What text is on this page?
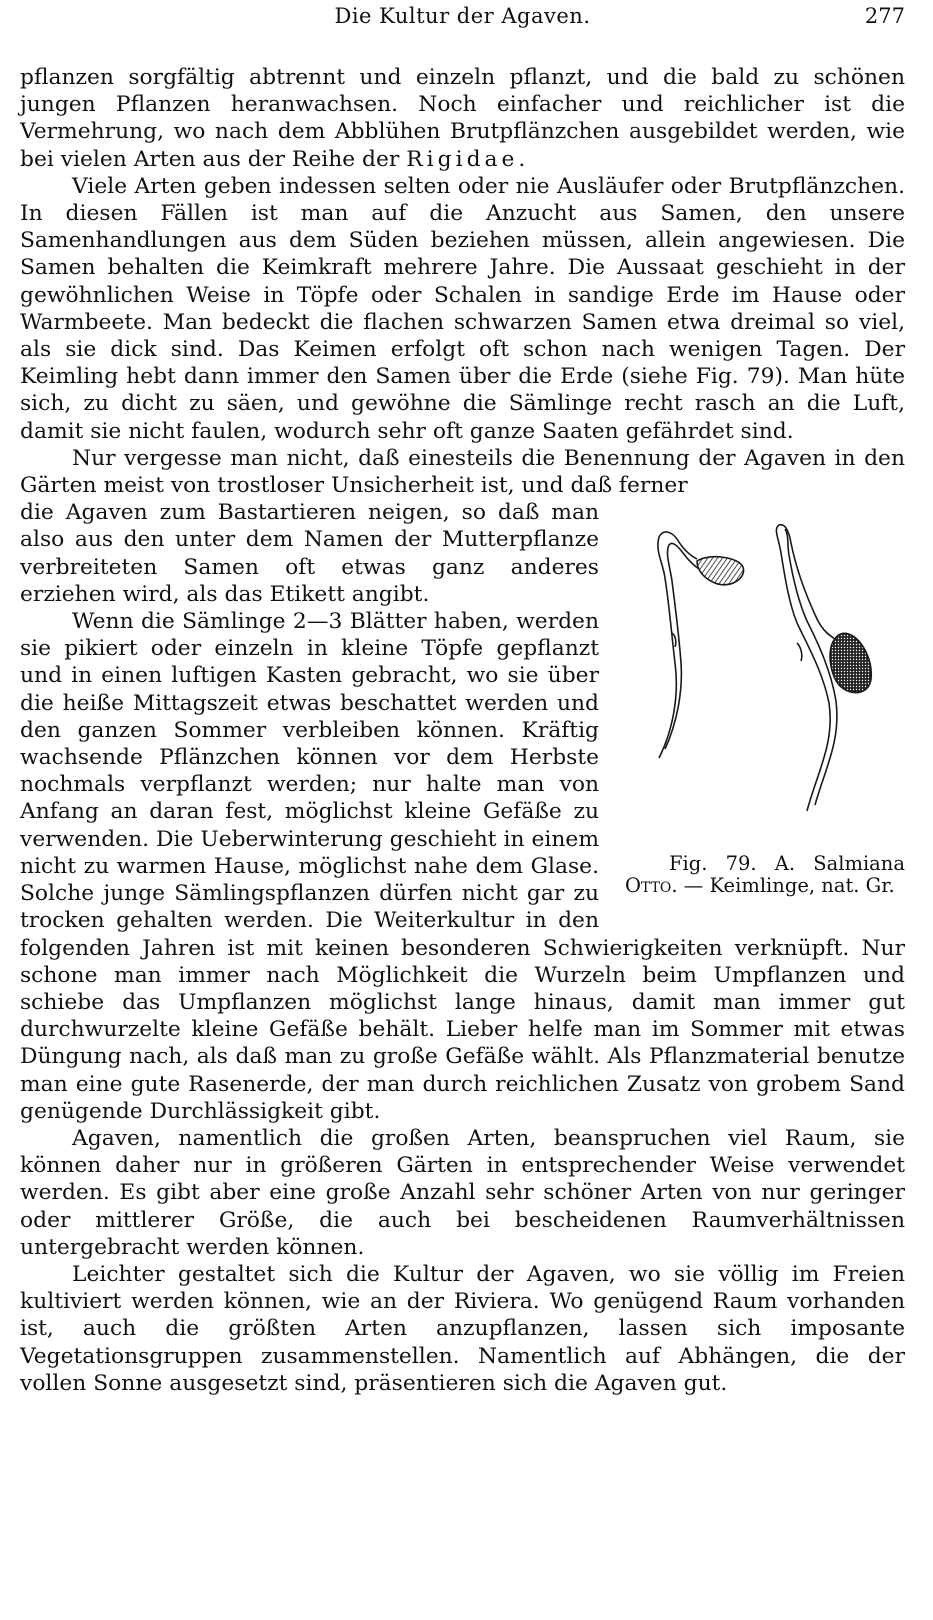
Die Kultur der Agaven.	277

pflanzen sorgfältig abtrennt und einzeln pflanzt, und die bald zu schönen jungen Pflanzen heranwachsen. Noch einfacher und reichlicher ist die Vermehrung, wo nach dem Abblühen Brutpflänzchen ausgebildet werden, wie bei vielen Arten aus der Reihe der Rigidae.

Viele Arten geben indessen selten oder nie Ausläufer oder Brutpflänzchen. In diesen Fällen ist man auf die Anzucht aus Samen, den unsere Samenhandlungen aus dem Süden beziehen müssen, allein angewiesen. Die Samen behalten die Keimkraft mehrere Jahre. Die Aussaat geschieht in der gewöhnlichen Weise in Töpfe oder Schalen in sandige Erde im Hause oder Warmbeete. Man bedeckt die flachen schwarzen Samen etwa dreimal so viel, als sie dick sind. Das Keimen erfolgt oft schon nach wenigen Tagen. Der Keimling hebt dann immer den Samen über die Erde (siehe Fig. 79). Man hüte sich, zu dicht zu säen, und gewöhne die Sämlinge recht rasch an die Luft, damit sie nicht faulen, wodurch sehr oft ganze Saaten gefährdet sind.

Nur vergesse man nicht, daß einesteils die Benennung der Agaven in den Gärten meist von trostloser Unsicherheit ist, und daß ferner

Fig. 79. A. Salmiana Otto. — Keimlinge, nat. Gr.

die Agaven zum Bastartieren neigen, so daß man also aus den unter dem Namen der Mutterpflanze verbreiteten Samen oft etwas ganz anderes erziehen wird, als das Etikett angibt.

Wenn die Sämlinge 2—3 Blätter haben, werden sie pikiert oder einzeln in kleine Töpfe gepflanzt und in einen luftigen Kasten gebracht, wo sie über die heiße Mittagszeit etwas beschattet werden und den ganzen Sommer verbleiben können. Kräftig wachsende Pflänzchen können vor dem Herbste nochmals verpflanzt werden; nur halte man von Anfang an daran fest, möglichst kleine Gefäße zu verwenden. Die Ueberwinterung geschieht in einem nicht zu warmen Hause, möglichst nahe dem Glase. Solche junge Sämlingspflanzen dürfen nicht gar zu trocken gehalten werden. Die Weiterkultur in den folgenden Jahren ist mit keinen besonderen Schwierigkeiten verknüpft. Nur schone man immer nach Möglichkeit die Wurzeln beim Umpflanzen und schiebe das Umpflanzen möglichst lange hinaus, damit man immer gut durchwurzelte kleine Gefäße behält. Lieber helfe man im Sommer mit etwas Düngung nach, als daß man zu große Gefäße wählt. Als Pflanzmaterial benutze man eine gute Rasenerde, der man durch reichlichen Zusatz von grobem Sand genügende Durchlässigkeit gibt.

Agaven, namentlich die großen Arten, beanspruchen viel Raum, sie können daher nur in größeren Gärten in entsprechender Weise verwendet werden. Es gibt aber eine große Anzahl sehr schöner Arten von nur geringer oder mittlerer Größe, die auch bei bescheidenen Raumverhältnissen untergebracht werden können.

Leichter gestaltet sich die Kultur der Agaven, wo sie völlig im Freien kultiviert werden können, wie an der Riviera. Wo genügend Raum vorhanden ist, auch die größten Arten anzupflanzen, lassen sich imposante Vegetationsgruppen zusammenstellen. Namentlich auf Abhängen, die der vollen Sonne ausgesetzt sind, präsentieren sich die Agaven gut.
